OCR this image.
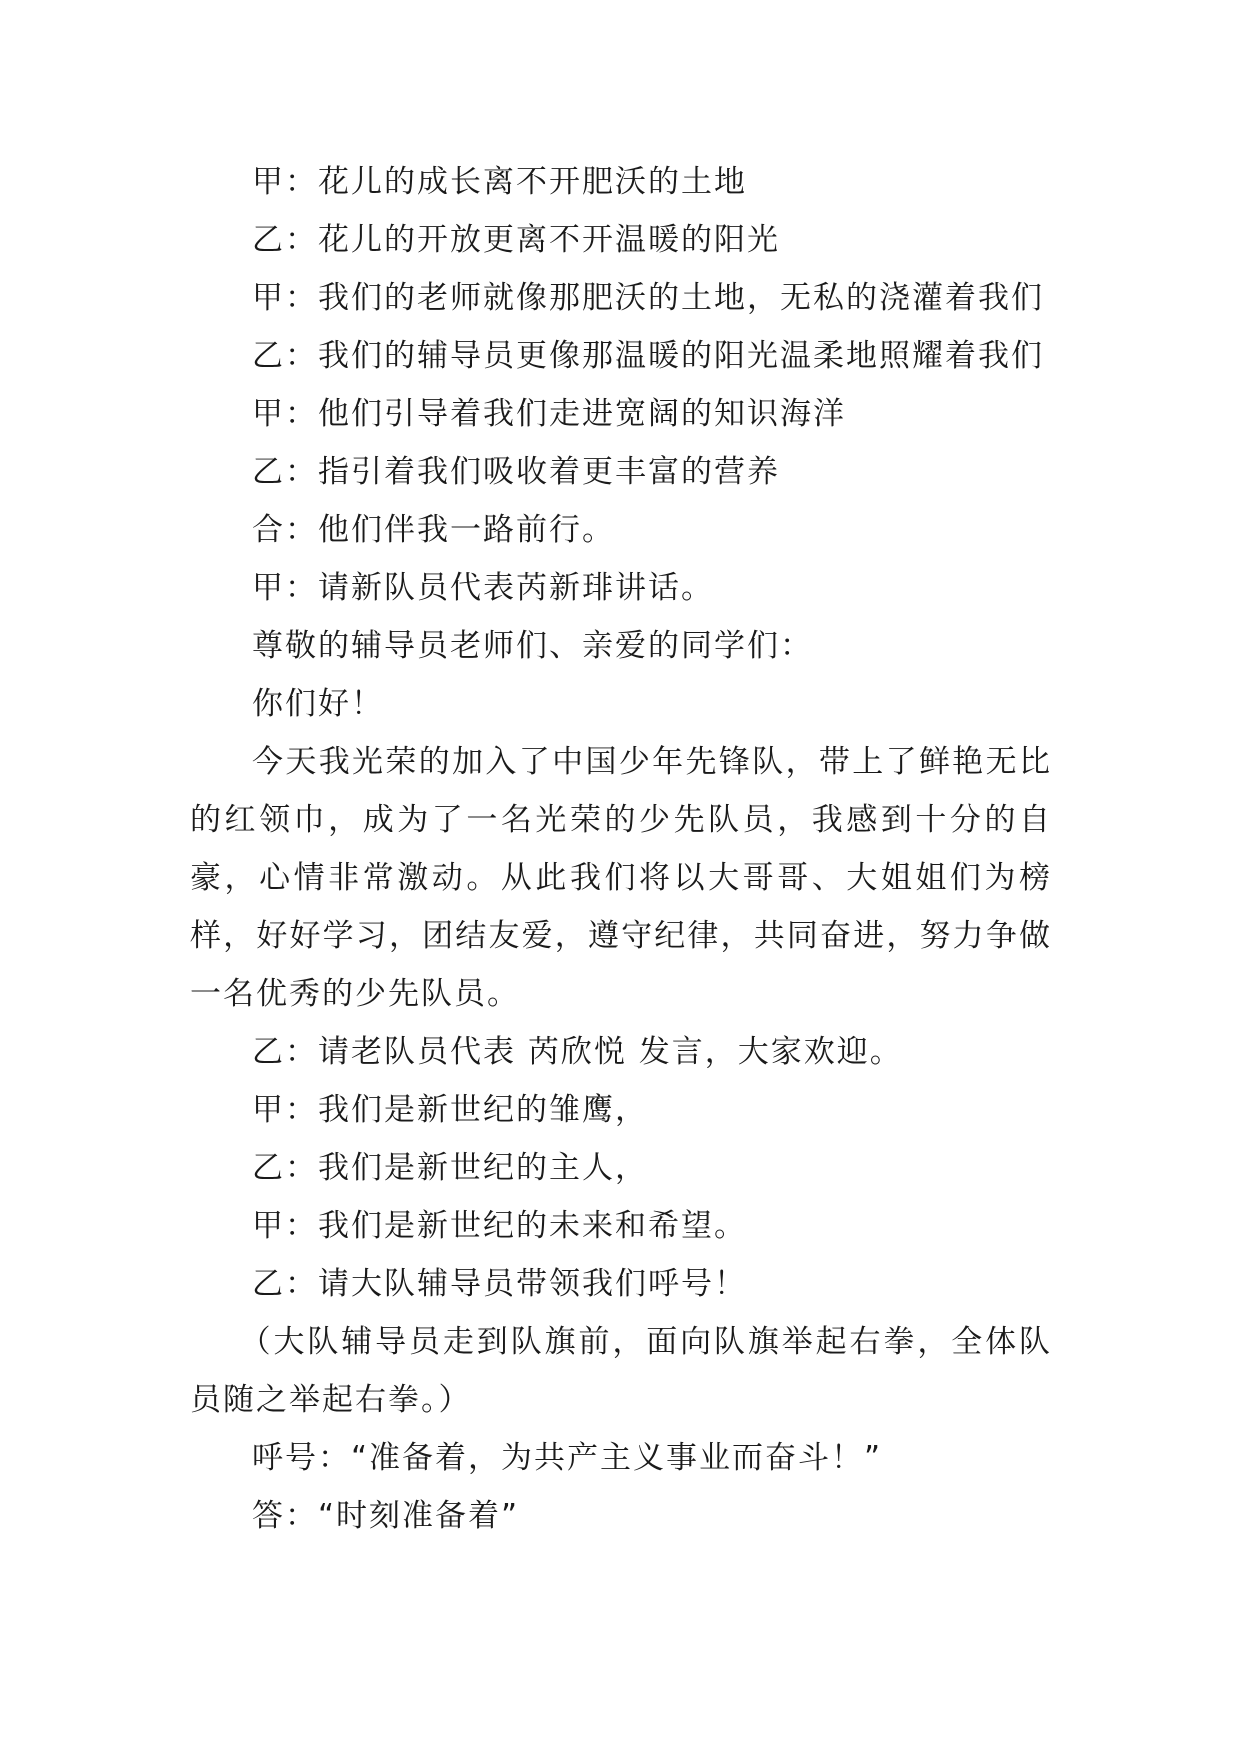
甲：花儿的成长离不开肥沃的土地

乙：花儿的开放更离不开温暖的阳光

甲：我们的老师就像那肥沃的土地，无私的浇灌着我们

乙：我们的辅导员更像那温暖的阳光温柔地照耀着我们

甲：他们引导着我们走进宽阔的知识海洋

乙：指引着我们吸收着更丰富的营养

合：他们伴我一路前行。

甲：请新队员代表芮新琲讲话。

尊敬的辅导员老师们、亲爱的同学们：

你们好！

今天我光荣的加入了中国少年先锋队，带上了鲜艳无比的红领巾，成为了一名光荣的少先队员，我感到十分的自豪，心情非常激动。从此我们将以大哥哥、大姐姐们为榜样，好好学习，团结友爱，遵守纪律，共同奋进，努力争做一名优秀的少先队员。

乙：请老队员代表 芮欣悦 发言，大家欢迎。

甲：我们是新世纪的雏鹰，

乙：我们是新世纪的主人，

甲：我们是新世纪的未来和希望。

乙：请大队辅导员带领我们呼号！

（大队辅导员走到队旗前，面向队旗举起右拳，全体队员随之举起右拳。）

呼号：“准备着，为共产主义事业而奋斗！”

答：“时刻准备着”
